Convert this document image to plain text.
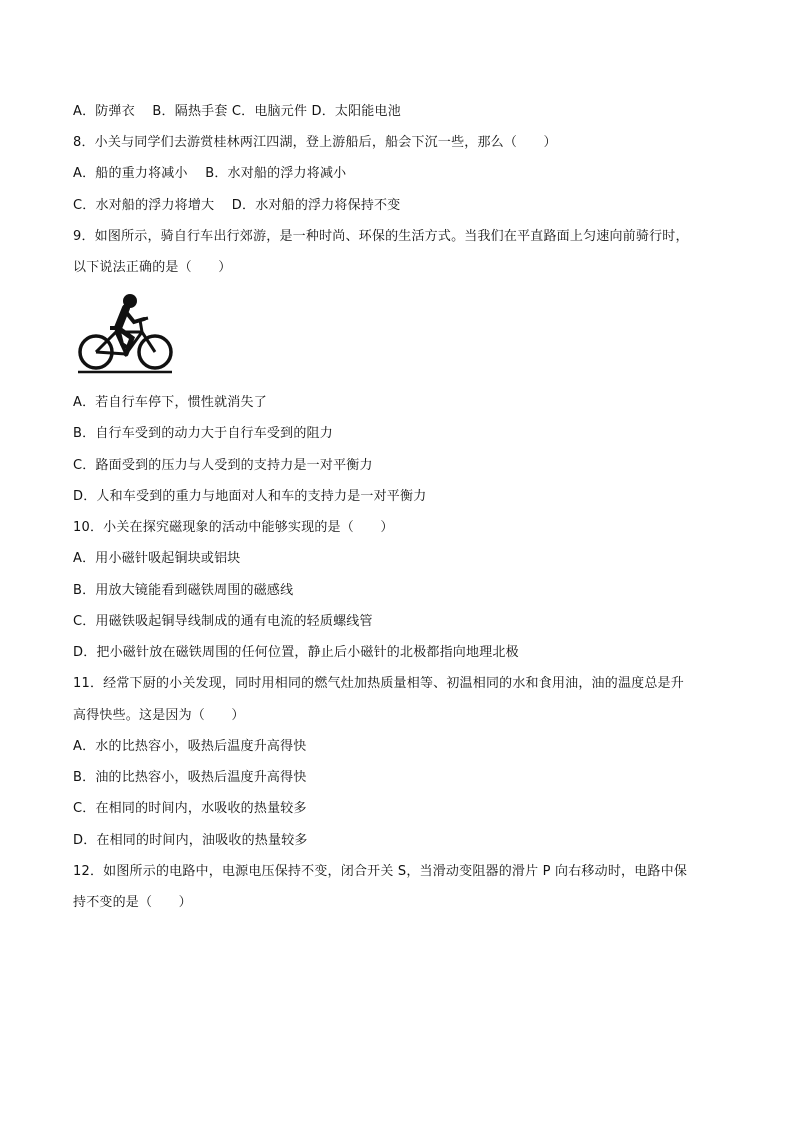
A．防弹衣　 B．隔热手套 C．电脑元件 D．太阳能电池
8．小关与同学们去游赏桂林两江四湖，登上游船后，船会下沉一些，那么（　　）
A．船的重力将减小　 B．水对船的浮力将减小
C．水对船的浮力将增大　 D．水对船的浮力将保持不变
9．如图所示，骑自行车出行郊游，是一种时尚、环保的生活方式。当我们在平直路面上匀速向前骑行时，
以下说法正确的是（　　）
A．若自行车停下，惯性就消失了
B．自行车受到的动力大于自行车受到的阻力
C．路面受到的压力与人受到的支持力是一对平衡力
D．人和车受到的重力与地面对人和车的支持力是一对平衡力
10．小关在探究磁现象的活动中能够实现的是（　　）
A．用小磁针吸起铜块或铝块
B．用放大镜能看到磁铁周围的磁感线
C．用磁铁吸起铜导线制成的通有电流的轻质螺线管
D．把小磁针放在磁铁周围的任何位置，静止后小磁针的北极都指向地理北极
11．经常下厨的小关发现，同时用相同的燃气灶加热质量相等、初温相同的水和食用油，油的温度总是升
高得快些。这是因为（　　）
A．水的比热容小，吸热后温度升高得快
B．油的比热容小，吸热后温度升高得快
C．在相同的时间内，水吸收的热量较多
D．在相同的时间内，油吸收的热量较多
12．如图所示的电路中，电源电压保持不变，闭合开关 S，当滑动变阻器的滑片 P 向右移动时，电路中保
持不变的是（　　）
